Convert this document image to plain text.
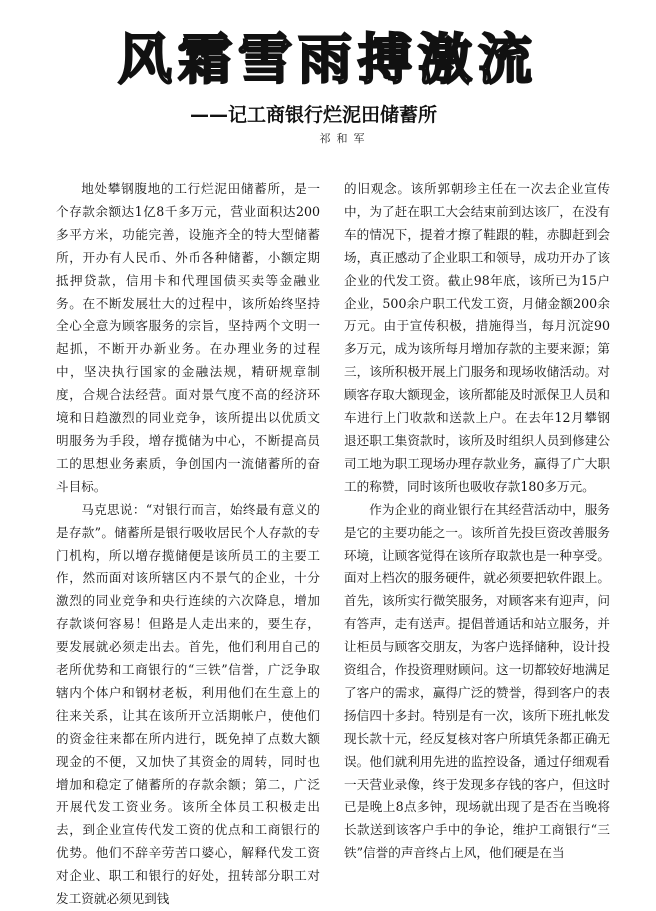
风霜雪雨搏激流
——记工商银行烂泥田储蓄所
祁和军

地处攀钢腹地的工行烂泥田储蓄所，是一个存款余额达1亿8千多万元，营业面积达200多平方米，功能完善，设施齐全的特大型储蓄所，开办有人民币、外币各种储蓄，小额定期抵押贷款，信用卡和代理国债买卖等金融业务。在不断发展壮大的过程中，该所始终坚持全心全意为顾客服务的宗旨，坚持两个文明一起抓，不断开办新业务。在办理业务的过程中，坚决执行国家的金融法规，精研规章制度，合规合法经营。面对景气度不高的经济环境和日趋激烈的同业竞争，该所提出以优质文明服务为手段，增存揽储为中心，不断提高员工的思想业务素质，争创国内一流储蓄所的奋斗目标。

马克思说：“对银行而言，始终最有意义的是存款”。储蓄所是银行吸收居民个人存款的专门机构，所以增存揽储便是该所员工的主要工作，然而面对该所辖区内不景气的企业，十分激烈的同业竞争和央行连续的六次降息，增加存款谈何容易！但路是人走出来的，要生存，要发展就必须走出去。首先，他们利用自己的老所优势和工商银行的“三铁”信誉，广泛争取辖内个体户和钢材老板，利用他们在生意上的往来关系，让其在该所开立活期帐户，使他们的资金往来都在所内进行，既免掉了点数大额现金的不便，又加快了其资金的周转，同时也增加和稳定了储蓄所的存款余额；第二，广泛开展代发工资业务。该所全体员工积极走出去，到企业宣传代发工资的优点和工商银行的优势。他们不辞辛劳苦口婆心，解释代发工资对企业、职工和银行的好处，扭转部分职工对发工资就必须见到钱

的旧观念。该所郭朝珍主任在一次去企业宣传中，为了赶在职工大会结束前到达该厂，在没有车的情况下，提着才擦了鞋跟的鞋，赤脚赶到会场，真正感动了企业职工和领导，成功开办了该企业的代发工资。截止98年底，该所已为15户企业，500余户职工代发工资，月储金额200余万元。由于宣传积极，措施得当，每月沉淀90多万元，成为该所每月增加存款的主要来源；第三，该所积极开展上门服务和现场收储活动。对顾客存取大额现金，该所都能及时派保卫人员和车进行上门收款和送款上户。在去年12月攀钢退还职工集资款时，该所及时组织人员到修建公司工地为职工现场办理存款业务，赢得了广大职工的称赞，同时该所也吸收存款180多万元。

作为企业的商业银行在其经营活动中，服务是它的主要功能之一。该所首先投巨资改善服务环境，让顾客觉得在该所存取款也是一种享受。面对上档次的服务硬件，就必须要把软件跟上。首先，该所实行微笑服务，对顾客来有迎声，问有答声，走有送声。提倡普通话和站立服务，并让柜员与顾客交朋友，为客户选择储种，设计投资组合，作投资理财顾问。这一切都较好地满足了客户的需求，赢得广泛的赞誉，得到客户的表扬信四十多封。特别是有一次，该所下班扎帐发现长款十元，经反复核对客户所填凭条都正确无误。他们就利用先进的监控设备，通过仔细观看一天营业录像，终于发现多存钱的客户，但这时已是晚上8点多钟，现场就出现了是否在当晚将长款送到该客户手中的争论，维护工商银行“三铁”信誉的声音终占上风，他们硬是在当
